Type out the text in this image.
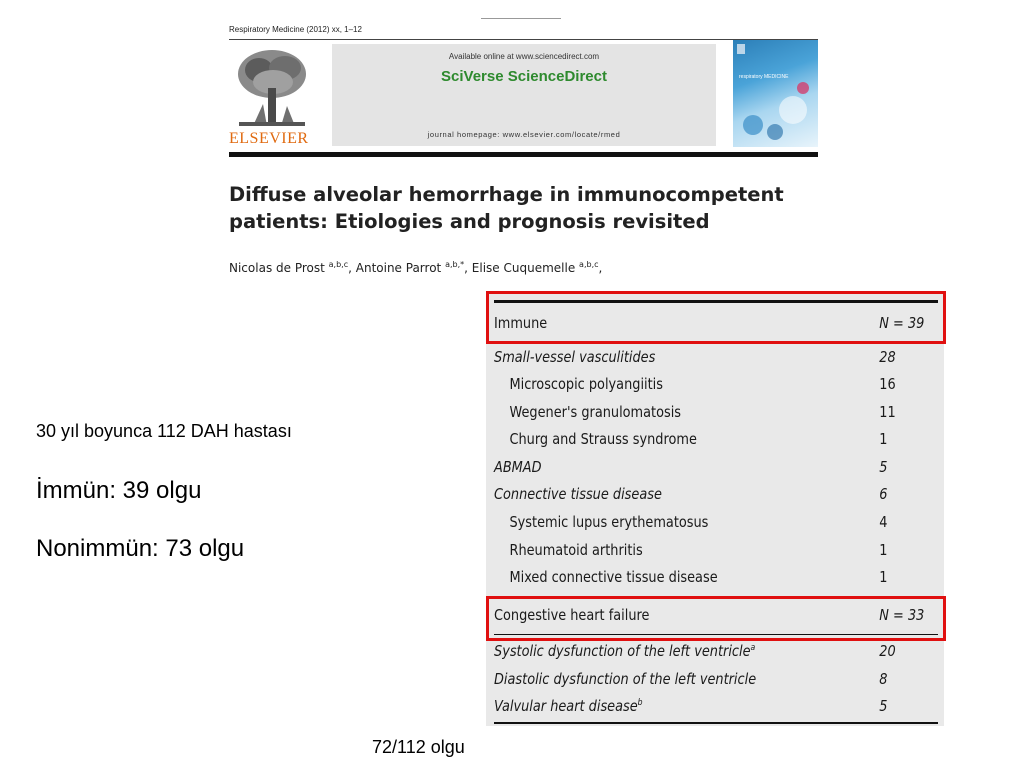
Respiratory Medicine (2012) xx, 1–12
ELSEVIER
Available online at www.sciencedirect.com
SciVerse ScienceDirect
journal homepage: www.elsevier.com/locate/rmed
respiratory MEDICINE
Diffuse alveolar hemorrhage in immunocompetent
patients: Etiologies and prognosis revisited
Nicolas de Prost $^{a,b,c}$, Antoine Parrot $^{a,b,*}$, Elise Cuquemelle $^{a,b,c}$,
30 yıl boyunca 112 DAH hastası
İmmün: 39 olgu
Nonimmün: 73 olgu
Immune	N = 39
Small-vessel vasculitides	28
Microscopic polyangiitis	16
Wegener's granulomatosis	11
Churg and Strauss syndrome	1
ABMAD	5
Connective tissue disease	6
Systemic lupus erythematosus	4
Rheumatoid arthritis	1
Mixed connective tissue disease	1
Congestive heart failure	N = 33
Systolic dysfunction of the left ventricle$^a$	20
Diastolic dysfunction of the left ventricle	8
Valvular heart disease$^b$	5
72/112 olgu
